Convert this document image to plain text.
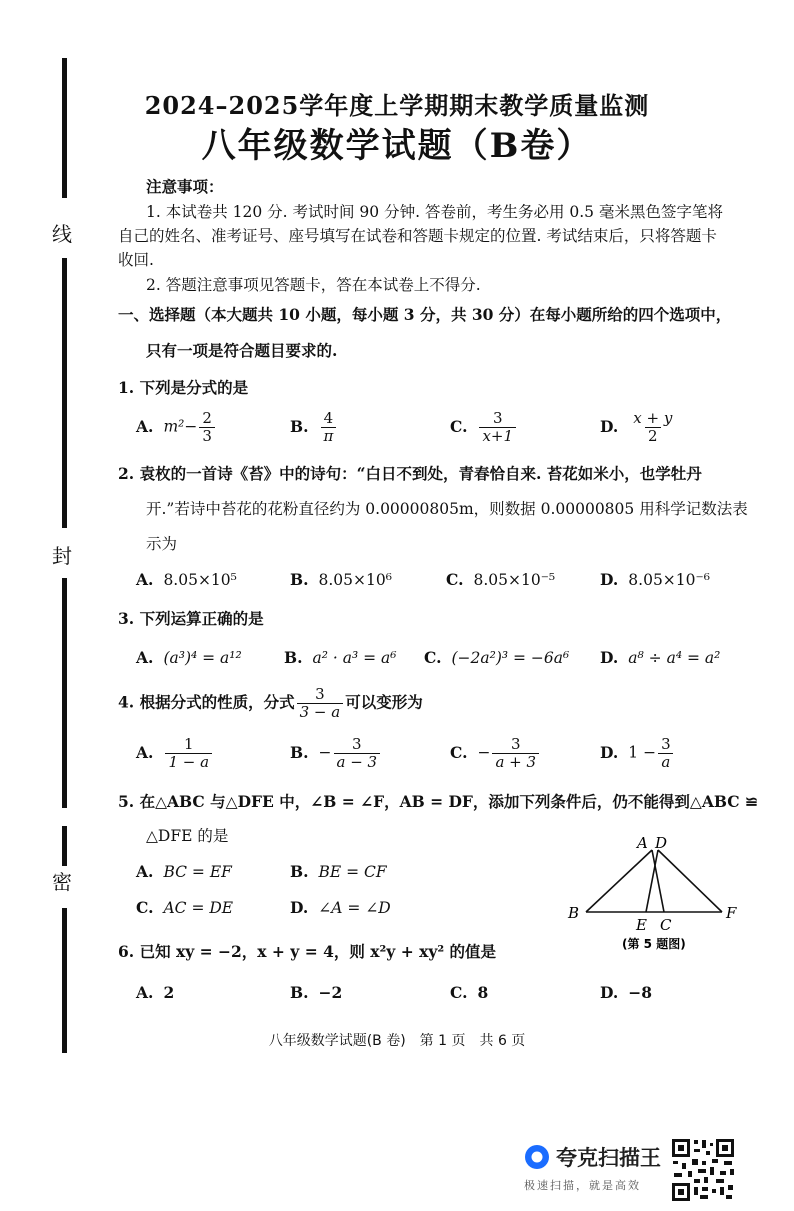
线
封
密
2024–2025学年度上学期期末教学质量监测
八年级数学试题（B卷）
注意事项：
1. 本试卷共 120 分. 考试时间 90 分钟. 答卷前，考生务必用 0.5 毫米黑色签字笔将
自己的姓名、准考证号、座号填写在试卷和答题卡规定的位置. 考试结束后，只将答题卡
收回.
2. 答题注意事项见答题卡，答在本试卷上不得分.
一、选择题（本大题共 10 小题，每小题 3 分，共 30 分）在每小题所给的四个选项中，
只有一项是符合题目要求的.
1. 下列是分式的是
A. $m^2- \frac{2}{3}$	B. $\frac{4}{\pi}$	C. $\frac{3}{x+1}$	D. $\frac{x + y}{2}$
2. 袁枚的一首诗《苔》中的诗句：“白日不到处，青春恰自来. 苔花如米小，也学牡丹
开.”若诗中苔花的花粉直径约为 0.00000805m，则数据 0.00000805 用科学记数法表
示为
A. 8.05×10⁵	B. 8.05×10⁶	C. 8.05×10⁻⁵	D. 8.05×10⁻⁶
3. 下列运算正确的是
A. (a³)⁴ = a¹²	B. a² · a³ = a⁶ C. (−2a²)³ = −6a⁶ D. a⁸ ÷ a⁴ = a²
4. 根据分式的性质，分式 $\frac{3}{3 - a}$ 可以变形为
A. $\frac{1}{1 - a}$	B. − $\frac{3}{a - 3}$	C. − $\frac{3}{a + 3}$	D. $1 - \frac{3}{a}$
5. 在△ABC 与△DFE 中，∠B = ∠F，AB = DF，添加下列条件后，仍不能得到△ABC ≌
△DFE 的是
A. BC = EF	B. BE = CF
C. AC = DE	D. ∠A = ∠D
A D
B
E C
F
(第 5 题图)
6. 已知 xy = −2，x + y = 4，则 x²y + xy² 的值是
A. 2	B. −2	C. 8	D. −8
八年级数学试题(B 卷)　第 1 页　共 6 页
夸克扫描王
极速扫描，就是高效
